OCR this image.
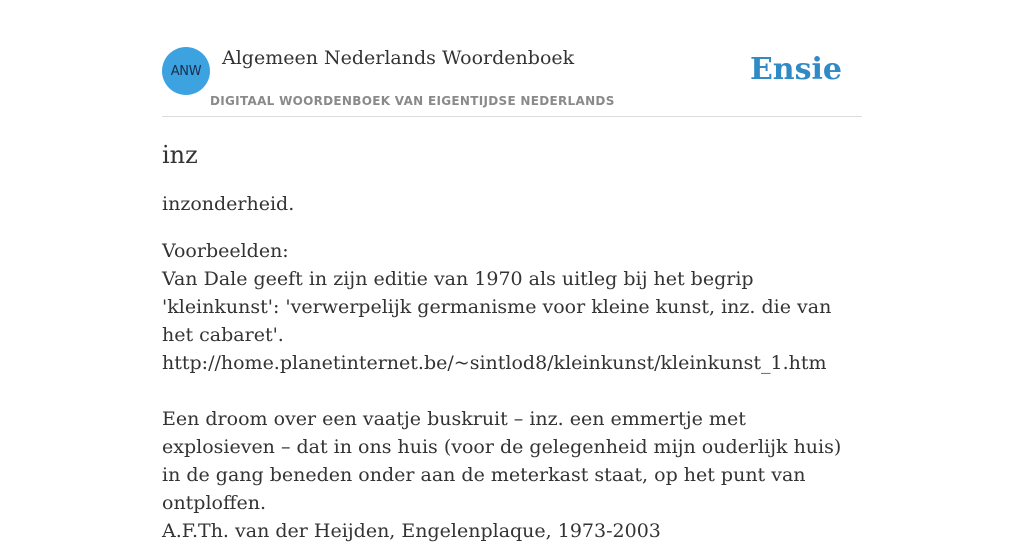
ANW
Algemeen Nederlands Woordenboek
DIGITAAL WOORDENBOEK VAN EIGENTIJDSE NEDERLANDS
Ensie
inz
inzonderheid.
Voorbeelden:
Van Dale geeft in zijn editie van 1970 als uitleg bij het begrip 'kleinkunst': 'verwerpelijk germanisme voor kleine kunst, inz. die van het cabaret'.
http://home.planetinternet.be/~sintlod8/kleinkunst/kleinkunst_1.htm
Een droom over een vaatje buskruit – inz. een emmertje met explosieven – dat in ons huis (voor de gelegenheid mijn ouderlijk huis) in de gang beneden onder aan de meterkast staat, op het punt van ontploffen.
A.F.Th. van der Heijden, Engelenplaque, 1973-2003
